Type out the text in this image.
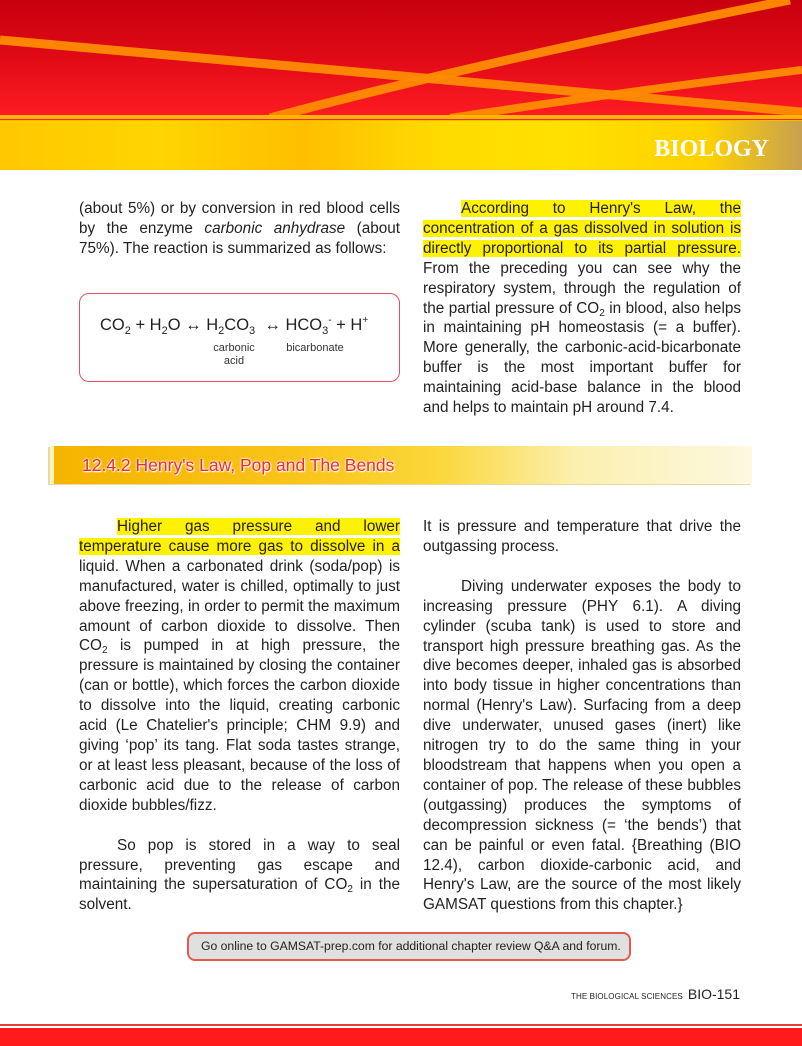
BIOLOGY

(about 5%) or by conversion in red blood cells by the enzyme carbonic anhydrase (about 75%). The reaction is summarized as follows:

$CO_2 + H_2O$ ↔ $H_2CO_3$  ↔ $HCO_3^- + H^+$
carbonic
acid
bicarbonate

According to Henry's Law, the concentration of a gas dissolved in solution is directly proportional to its partial pressure. From the preceding you can see why the respiratory system, through the regulation of the partial pressure of $CO_2$ in blood, also helps in maintaining pH homeostasis (= a buffer). More generally, the carbonic-acid-bicarbonate buffer is the most important buffer for maintaining acid-base balance in the blood and helps to maintain pH around 7.4.

12.4.2 Henry's Law, Pop and The Bends

Higher gas pressure and lower temperature cause more gas to dissolve in a liquid. When a carbonated drink (soda/pop) is manufactured, water is chilled, optimally to just above freezing, in order to permit the maximum amount of carbon dioxide to dissolve. Then $CO_2$ is pumped in at high pressure, the pressure is maintained by closing the container (can or bottle), which forces the carbon dioxide to dissolve into the liquid, creating carbonic acid (Le Chatelier's principle; CHM 9.9) and giving ‘pop’ its tang. Flat soda tastes strange, or at least less pleasant, because of the loss of carbonic acid due to the release of carbon dioxide bubbles/fizz.

So pop is stored in a way to seal pressure, preventing gas escape and maintaining the supersaturation of $CO_2$ in the solvent.

It is pressure and temperature that drive the outgassing process.

Diving underwater exposes the body to increasing pressure (PHY 6.1). A diving cylinder (scuba tank) is used to store and transport high pressure breathing gas. As the dive becomes deeper, inhaled gas is absorbed into body tissue in higher concentrations than normal (Henry's Law). Surfacing from a deep dive underwater, unused gases (inert) like nitrogen try to do the same thing in your bloodstream that happens when you open a container of pop. The release of these bubbles (outgassing) produces the symptoms of decompression sickness (= ‘the bends’) that can be painful or even fatal. {Breathing (BIO 12.4), carbon dioxide-carbonic acid, and Henry's Law, are the source of the most likely GAMSAT questions from this chapter.}

Go online to GAMSAT-prep.com for additional chapter review Q&A and forum.
THE BIOLOGICAL SCIENCES BIO-151
